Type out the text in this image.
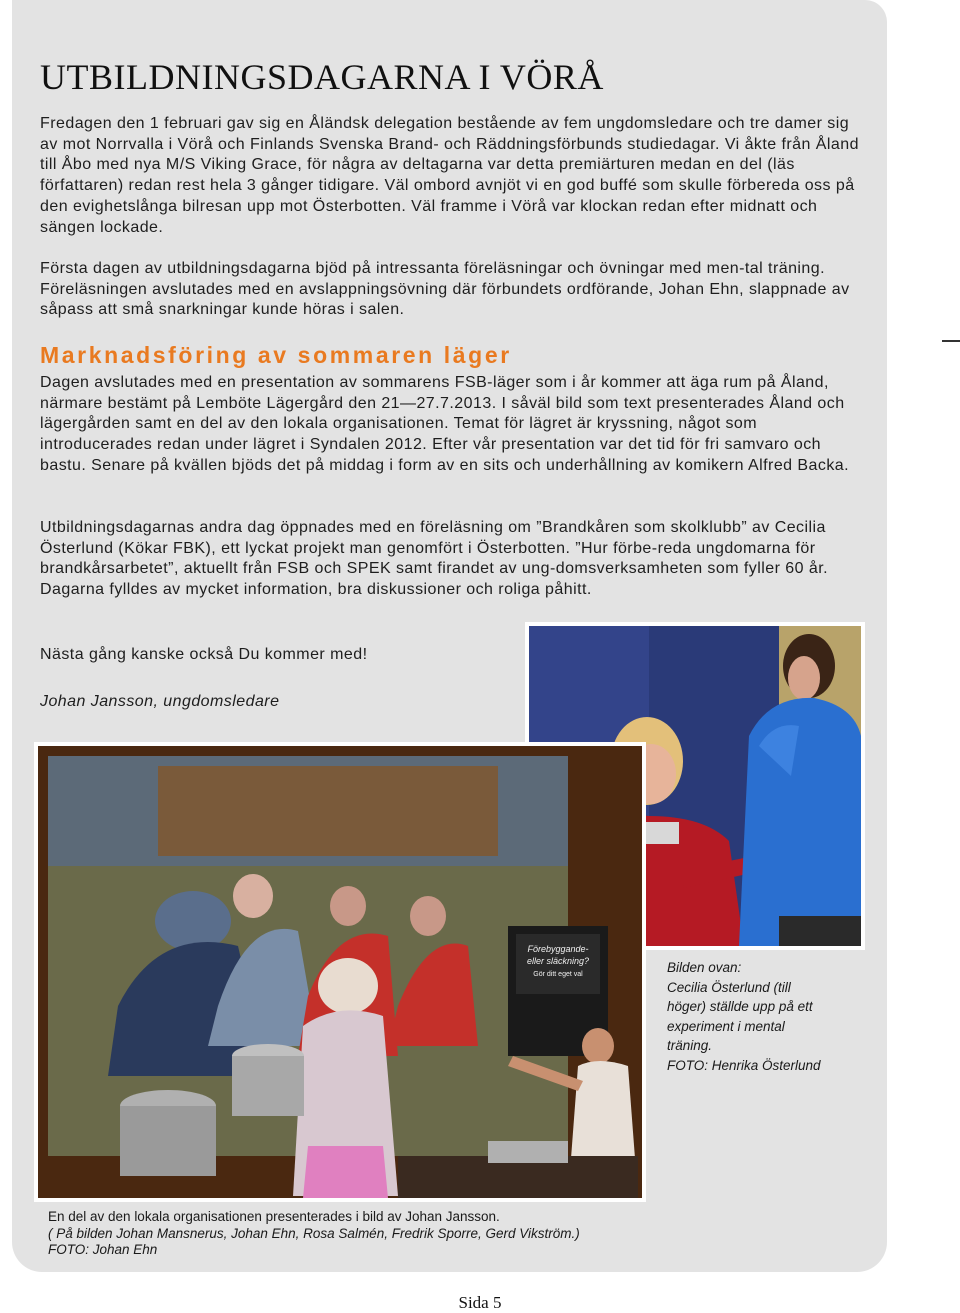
UTBILDNINGSDAGARNA I VÖRÅ

Fredagen den 1 februari gav sig en Åländsk delegation bestående av fem ungdomsledare och tre damer sig av mot Norrvalla i Vörå och Finlands Svenska Brand- och Räddningsförbunds studiedagar. Vi åkte från Åland till Åbo med nya M/S Viking Grace, för några av deltagarna var detta premiärturen medan en del (läs författaren) redan rest hela 3 gånger tidigare. Väl ombord avnjöt vi en god buffé som skulle förbereda oss på den evighetslånga bilresan upp mot Österbotten. Väl framme i Vörå var klockan redan efter midnatt och sängen lockade.

Första dagen av utbildningsdagarna bjöd på intressanta föreläsningar och övningar med men-tal träning. Föreläsningen avslutades med en avslappningsövning där förbundets ordförande, Johan Ehn, slappnade av såpass att små snarkningar kunde höras i salen.

Marknadsföring av sommaren läger

Dagen avslutades med en presentation av sommarens FSB-läger som i år kommer att äga rum på Åland, närmare bestämt på Lemböte Lägergård den 21—27.7.2013. I såväl bild som text presenterades Åland och lägergården samt en del av den lokala organisationen. Temat för lägret är kryssning, något som introducerades redan under lägret i Syndalen 2012. Efter vår presentation var det tid för fri samvaro och bastu. Senare på kvällen bjöds det på middag i form av en sits och underhållning av komikern Alfred Backa.

Utbildningsdagarnas andra dag öppnades med en föreläsning om ”Brandkåren som skolklubb” av Cecilia Österlund (Kökar FBK), ett lyckat projekt man genomfört i Österbotten. ”Hur förbe-reda ungdomarna för brandkårsarbetet”, aktuellt från FSB och SPEK samt firandet av ung-domsverksamheten som fyller 60 år. Dagarna fylldes av mycket information, bra diskussioner och roliga påhitt.

Nästa gång kanske också Du kommer med!

Johan Jansson, ungdomsledare

Bilden ovan:
Cecilia Österlund (till
höger) ställde upp på ett
experiment i mental
träning.
FOTO: Henrika Österlund

Förebyggande-
eller släckning?
Gör ditt eget val

En del av den lokala organisationen presenterades i bild av Johan Jansson.
( På bilden Johan Mansnerus, Johan Ehn, Rosa Salmén, Fredrik Sporre, Gerd Vikström.)
FOTO: Johan Ehn

Sida 5
